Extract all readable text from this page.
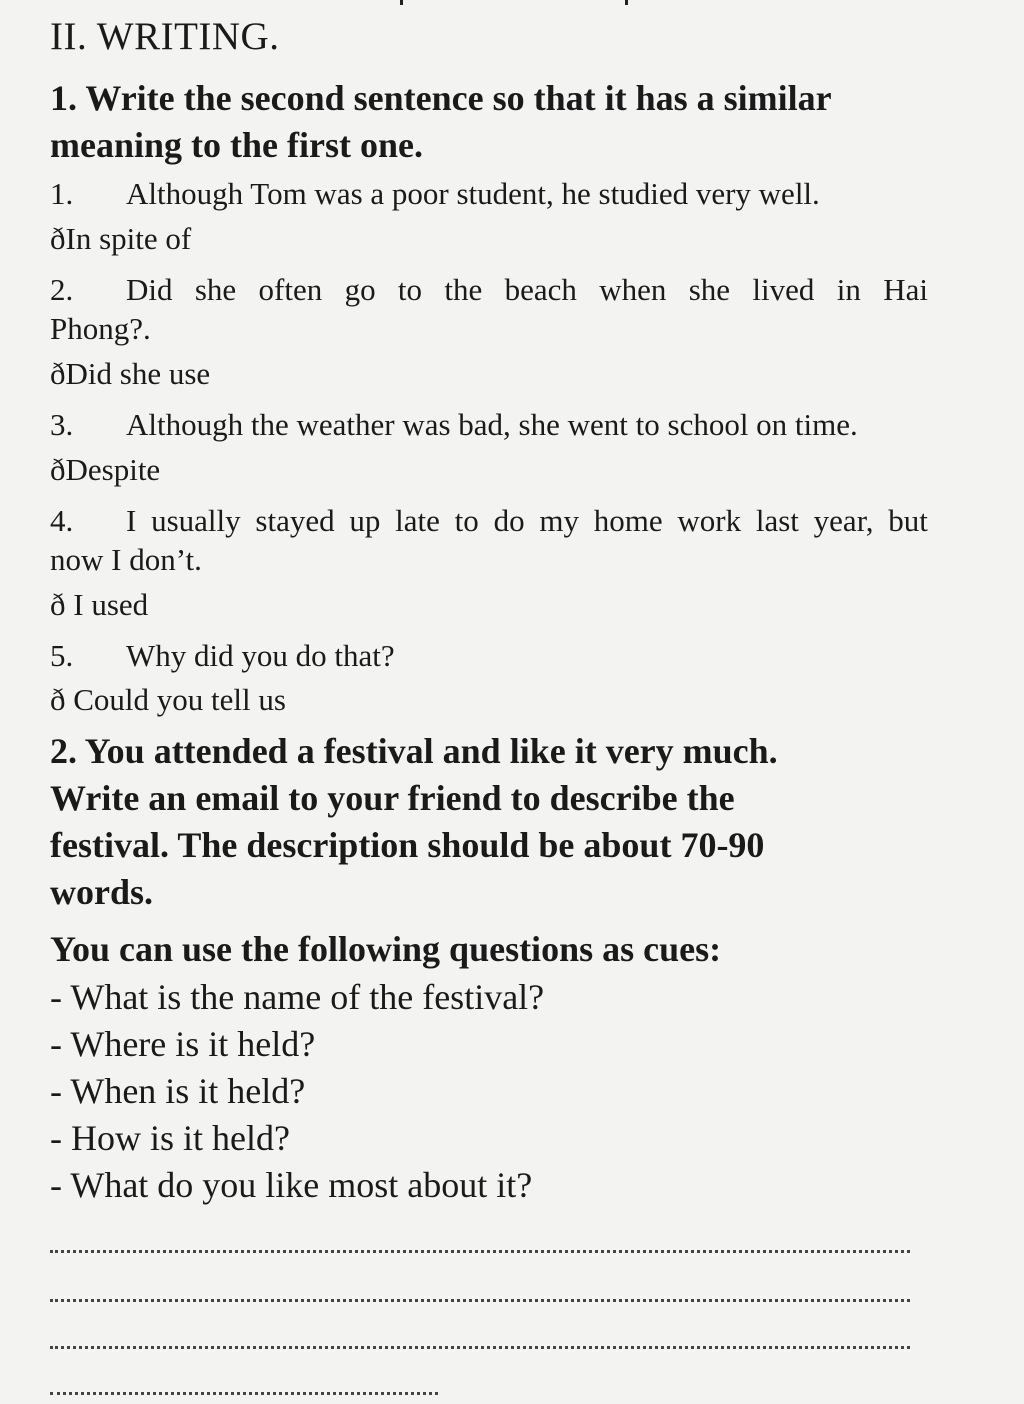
II. WRITING.
1. Write the second sentence so that it has a similar
meaning to the first one.
1. Although Tom was a poor student, he studied very well.
ðIn spite of
2. Did she often go to the beach when she lived in Hai
Phong?.
ðDid she use
3. Although the weather was bad, she went to school on time.
ðDespite
4. I usually stayed up late to do my home work last year, but
now I don’t.
ð I used
5. Why did you do that?
ð Could you tell us
2. You attended a festival and like it very much.
Write an email to your friend to describe the
festival. The description should be about 70-90
words.
You can use the following questions as cues:
- What is the name of the festival?
- Where is it held?
- When is it held?
- How is it held?
- What do you like most about it?
